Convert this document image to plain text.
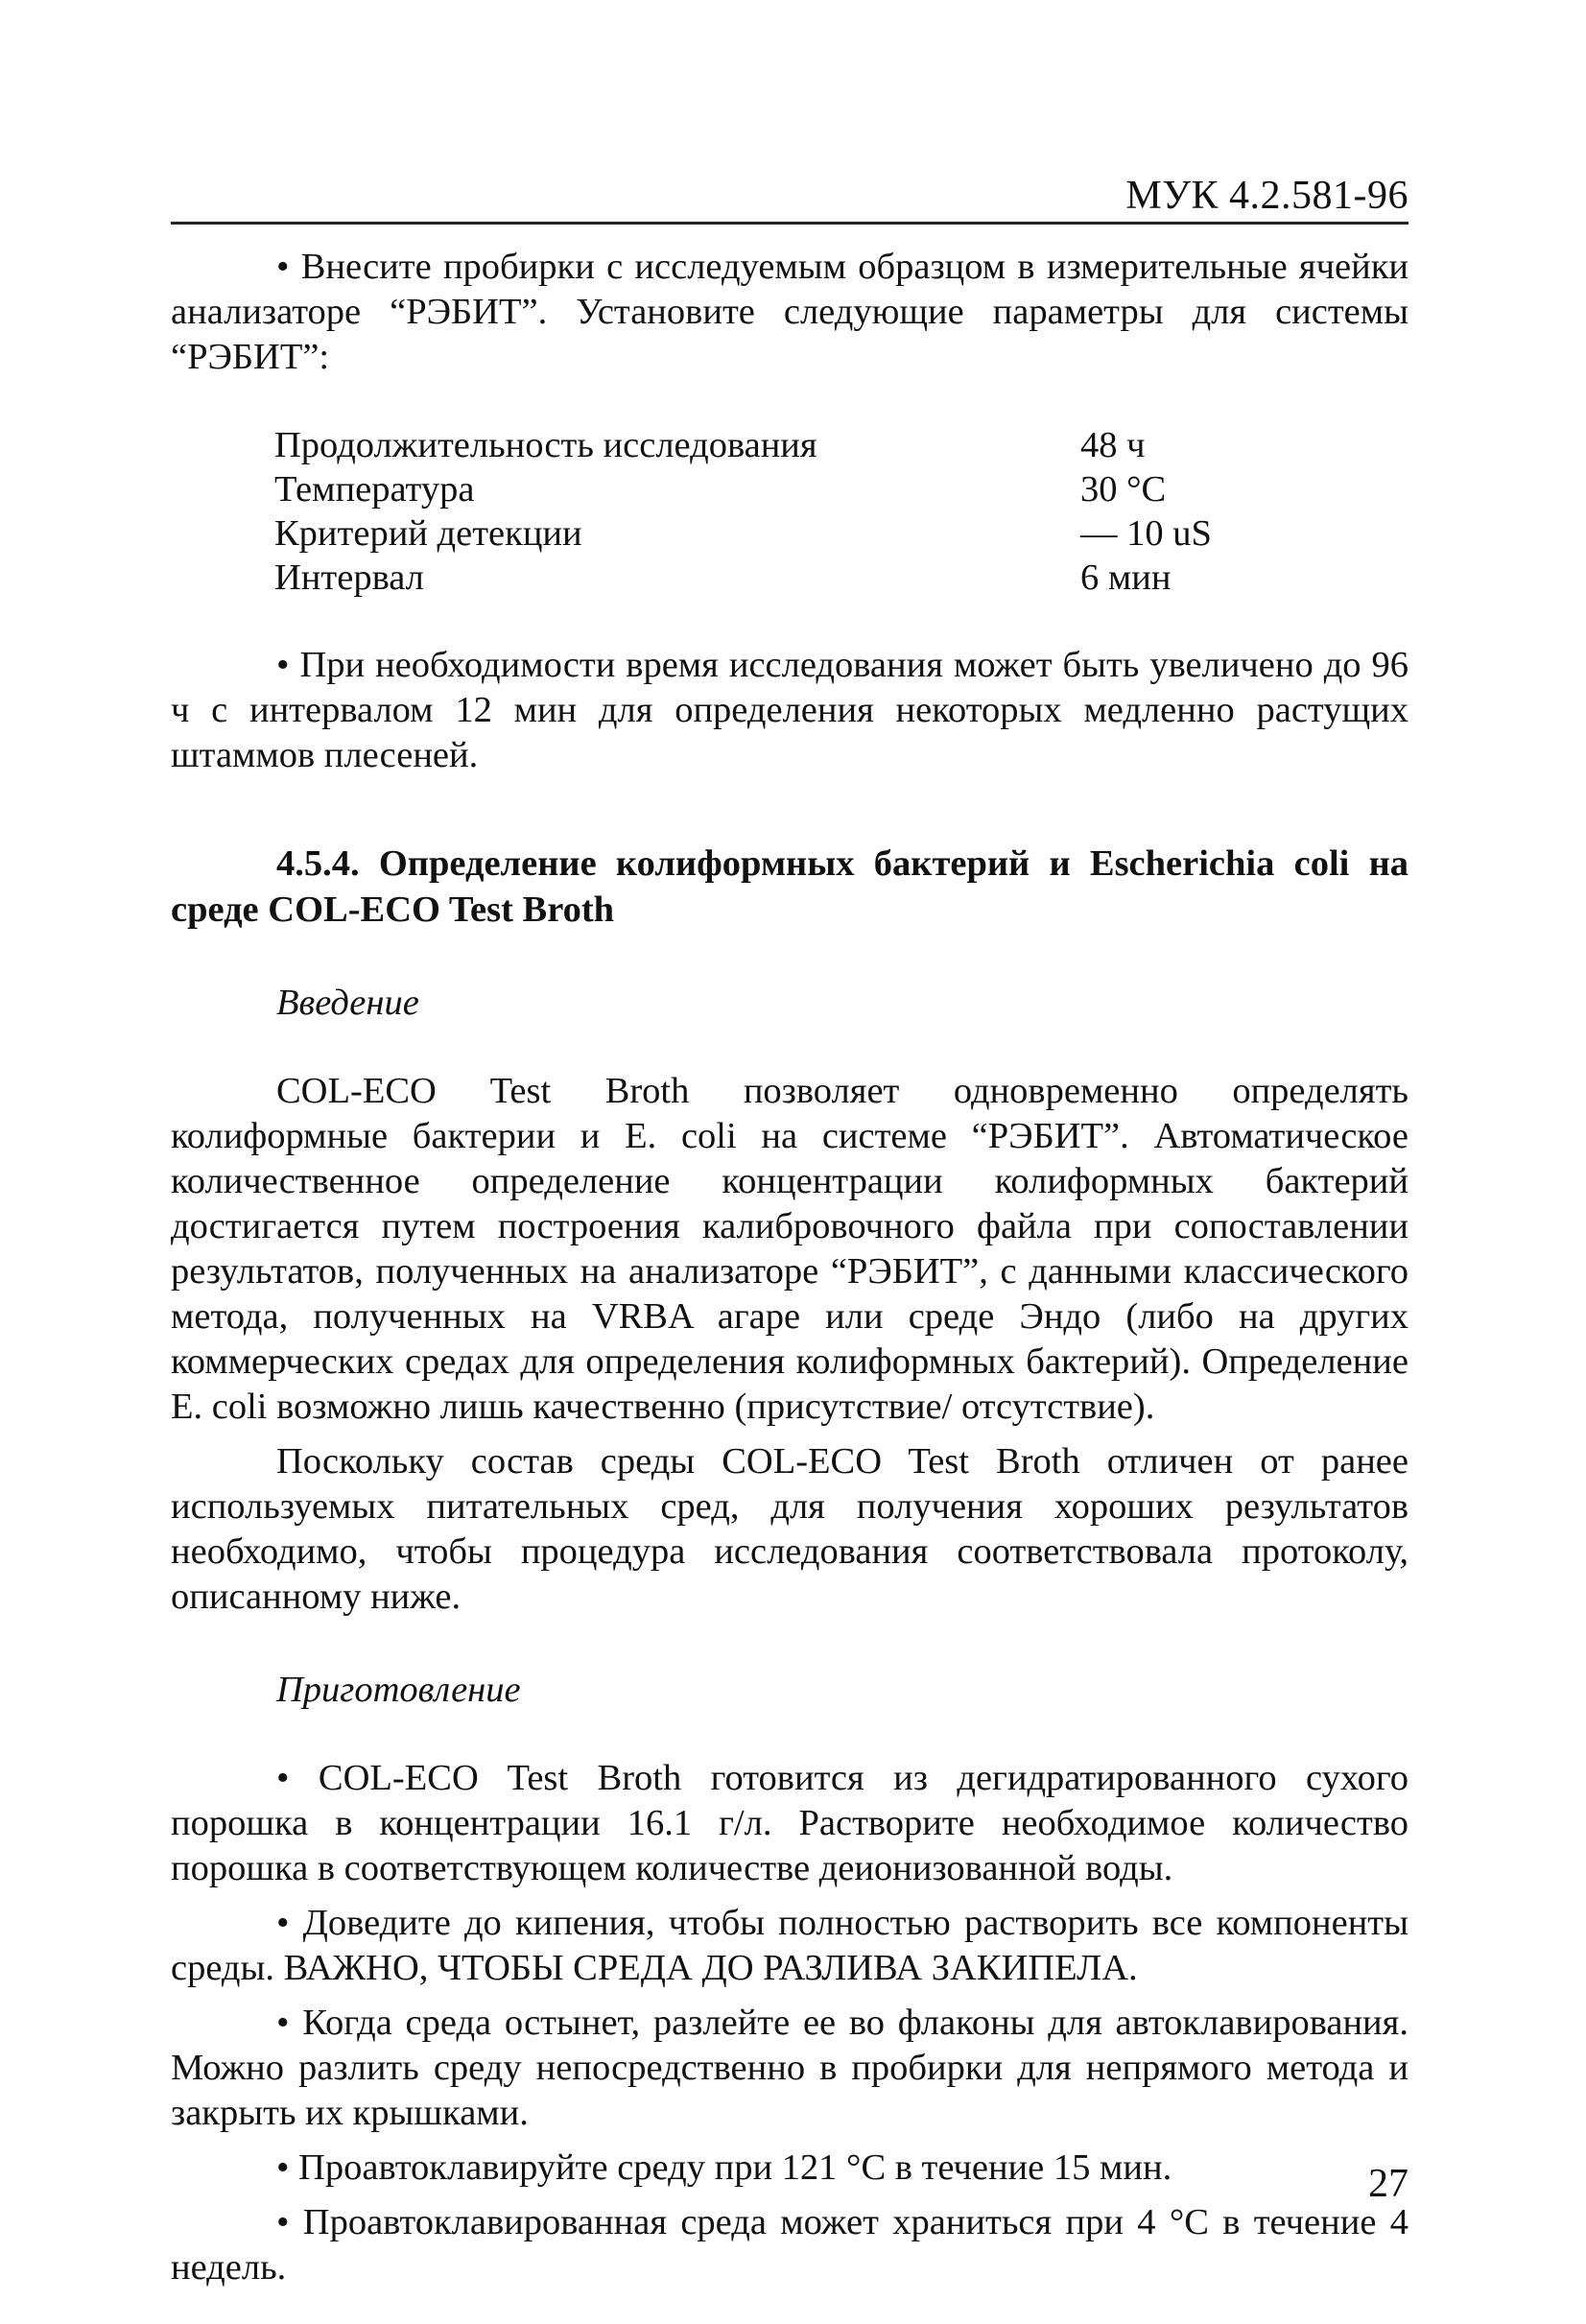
МУК 4.2.581-96

• Внесите пробирки с исследуемым образцом в измерительные ячейки анализаторе “РЭБИТ”. Установите следующие параметры для системы “РЭБИТ”:

Продолжительность исследования	48 ч
Температура	30 °С
Критерий детекции	— 10 uS
Интервал	6 мин

• При необходимости время исследования может быть увеличено до 96 ч с интервалом 12 мин для определения некоторых медленно растущих штаммов плесеней.

4.5.4. Определение колиформных бактерий и Escherichia coli на среде COL-ECO Test Broth
Введение

COL-ECO Test Broth позволяет одновременно определять колиформные бактерии и E. coli на системе “РЭБИТ”. Автоматическое количественное определение концентрации колиформных бактерий достигается путем построения калибровочного файла при сопоставлении результатов, полученных на анализаторе “РЭБИТ”, с данными классического метода, полученных на VRBA агаре или среде Эндо (либо на других коммерческих средах для определения колиформных бактерий). Определение E. coli возможно лишь качественно (присутствие/ отсутствие).

Поскольку состав среды COL-ECO Test Broth отличен от ранее используемых питательных сред, для получения хороших результатов необходимо, чтобы процедура исследования соответствовала протоколу, описанному ниже.

Приготовление

• COL-ECO Test Broth готовится из дегидратированного сухого порошка в концентрации 16.1 г/л. Растворите необходимое количество порошка в соответствующем количестве деионизованной воды.

• Доведите до кипения, чтобы полностью растворить все компоненты среды. ВАЖНО, ЧТОБЫ СРЕДА ДО РАЗЛИВА ЗАКИПЕЛА.

• Когда среда остынет, разлейте ее во флаконы для автоклавирования. Можно разлить среду непосредственно в пробирки для непрямого метода и закрыть их крышками.

• Проавтоклавируйте среду при 121 °С в течение 15 мин.

• Проавтоклавированная среда может храниться при 4 °С в течение 4 недель.

27
